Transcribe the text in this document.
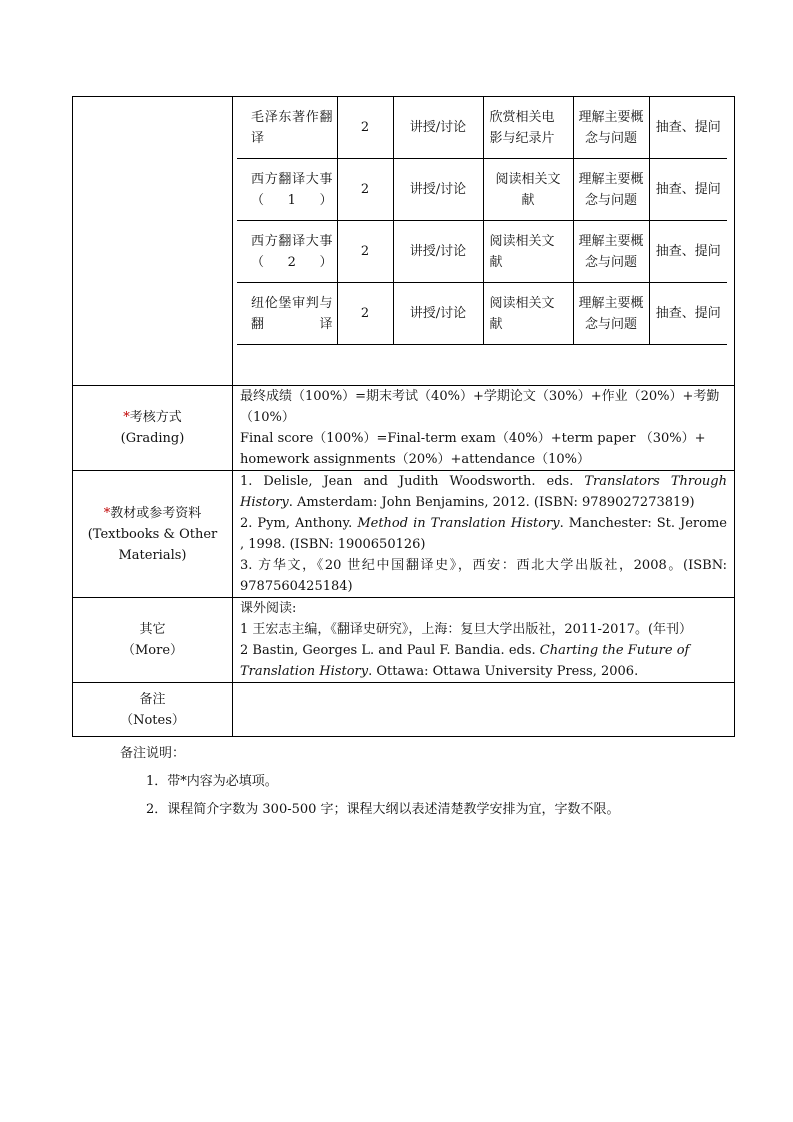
毛泽东著作翻译	2	讲授/讨论	欣赏相关电影与纪录片	理解主要概念与问题	抽查、提问
西方翻译大事（1）	2	讲授/讨论	阅读相关文献	理解主要概念与问题	抽查、提问
西方翻译大事（2）	2	讲授/讨论	阅读相关文献	理解主要概念与问题	抽查、提问
纽伦堡审判与翻译	2	讲授/讨论	阅读相关文献	理解主要概念与问题	抽查、提问

*考核方式
(Grading)

最终成绩（100%）=期末考试（40%）+学期论文（30%）+作业（20%）+考勤（10%）
Final score（100%）=Final-term exam（40%）+term paper （30%）+ homework assignments（20%）+attendance（10%）

*教材或参考资料
(Textbooks & Other
Materials)

1. Delisle, Jean and Judith Woodsworth. eds. Translators Through History. Amsterdam: John Benjamins, 2012. (ISBN: 9789027273819)
2. Pym, Anthony. Method in Translation History. Manchester: St. Jerome , 1998. (ISBN: 1900650126)
3. 方华文，《20 世纪中国翻译史》，西安：西北大学出版社，2008。(ISBN: 9787560425184)

其它
（More）

课外阅读:
1 王宏志主编，《翻译史研究》，上海：复旦大学出版社，2011-2017。(年刊）
2 Bastin, Georges L. and Paul F. Bandia. eds. Charting the Future of Translation History. Ottawa: Ottawa University Press, 2006.

备注
（Notes）

备注说明：
1．带*内容为必填项。
2．课程简介字数为 300-500 字；课程大纲以表述清楚教学安排为宜，字数不限。
